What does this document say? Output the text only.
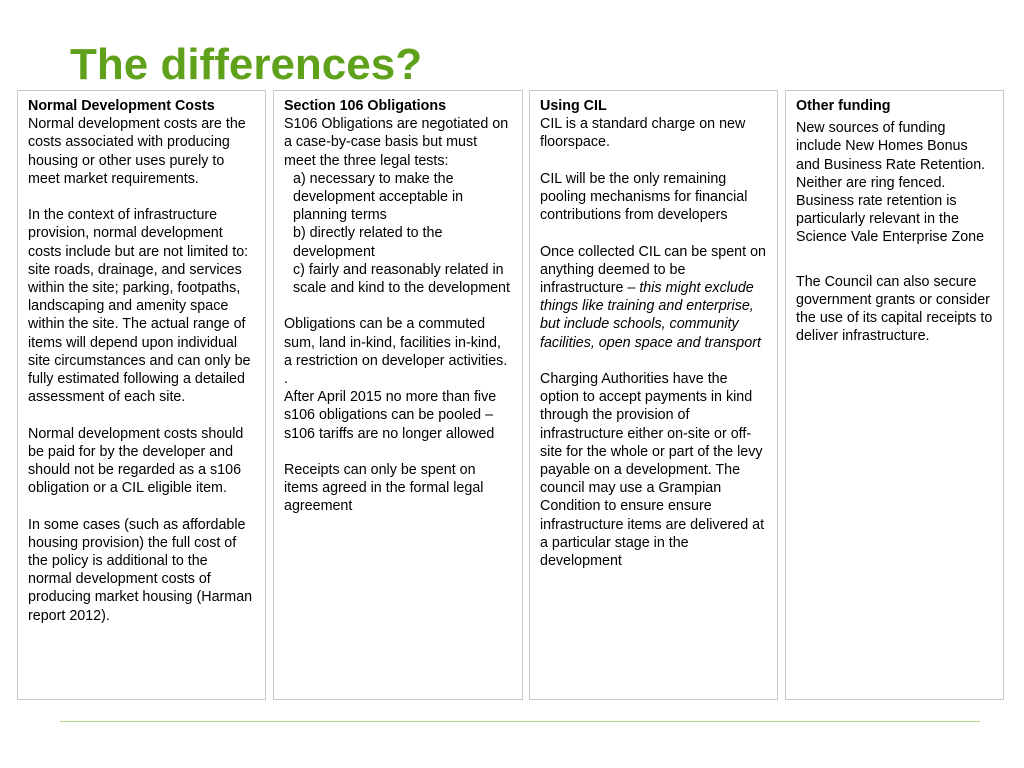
The differences?

Normal Development Costs

Normal development costs are the costs associated with producing housing or other uses purely to meet market requirements.

In the context of infrastructure provision, normal development costs include but are not limited to: site roads, drainage, and services within the site; parking, footpaths, landscaping and amenity space within the site. The actual range of items will depend upon individual site circumstances and can only be fully estimated following a detailed assessment of each site.

Normal development costs should be paid for by the developer and should not be regarded as a s106 obligation or a CIL eligible item.

In some cases (such as affordable housing provision) the full cost of the policy is additional to the normal development costs of producing market housing (Harman report 2012).

Section 106 Obligations

S106 Obligations are negotiated on a case-by-case basis but must meet the three legal tests:

a) necessary to make the development acceptable in planning terms

b) directly related to the development

c) fairly and reasonably related in scale and kind to the development

Obligations can be a commuted sum, land in-kind, facilities in-kind, a restriction on developer activities.

.

After April 2015 no more than five s106 obligations can be pooled – s106 tariffs are no longer allowed

Receipts can only be spent on items agreed in the formal legal agreement

Using CIL

CIL is a standard charge on new floorspace.

CIL will be the only remaining pooling mechanisms for financial contributions from developers

Once collected CIL can be spent on anything deemed to be infrastructure – this might exclude things like training and enterprise, but include schools, community facilities, open space and transport

Charging Authorities have the option to accept payments in kind through the provision of infrastructure either on-site or off-site for the whole or part of the levy payable on a development. The council may use a Grampian Condition to ensure ensure infrastructure items are delivered at a particular stage in the development

Other funding

New sources of funding include New Homes Bonus and Business Rate Retention. Neither are ring fenced. Business rate retention is particularly relevant in the Science Vale Enterprise Zone

The Council can also secure government grants or consider the use of its capital receipts to deliver infrastructure.
